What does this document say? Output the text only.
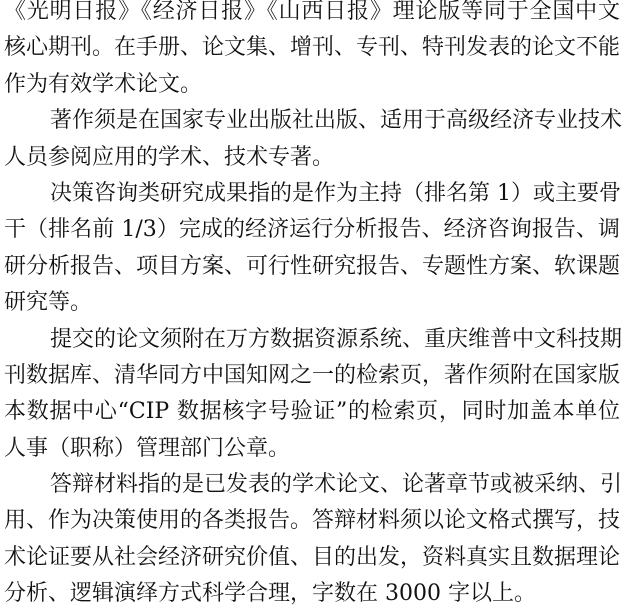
《光明日报》《经济日报》《山西日报》理论版等同于全国中文
核心期刊。在手册、论文集、增刊、专刊、特刊发表的论文不能
作为有效学术论文。
著作须是在国家专业出版社出版、适用于高级经济专业技术
人员参阅应用的学术、技术专著。
决策咨询类研究成果指的是作为主持（排名第 1）或主要骨
干（排名前 1/3）完成的经济运行分析报告、经济咨询报告、调
研分析报告、项目方案、可行性研究报告、专题性方案、软课题
研究等。
提交的论文须附在万方数据资源系统、重庆维普中文科技期
刊数据库、清华同方中国知网之一的检索页，著作须附在国家版
本数据中心“CIP 数据核字号验证”的检索页，同时加盖本单位
人事（职称）管理部门公章。
答辩材料指的是已发表的学术论文、论著章节或被采纳、引
用、作为决策使用的各类报告。答辩材料须以论文格式撰写，技
术论证要从社会经济研究价值、目的出发，资料真实且数据理论
分析、逻辑演绎方式科学合理，字数在 3000 字以上。
